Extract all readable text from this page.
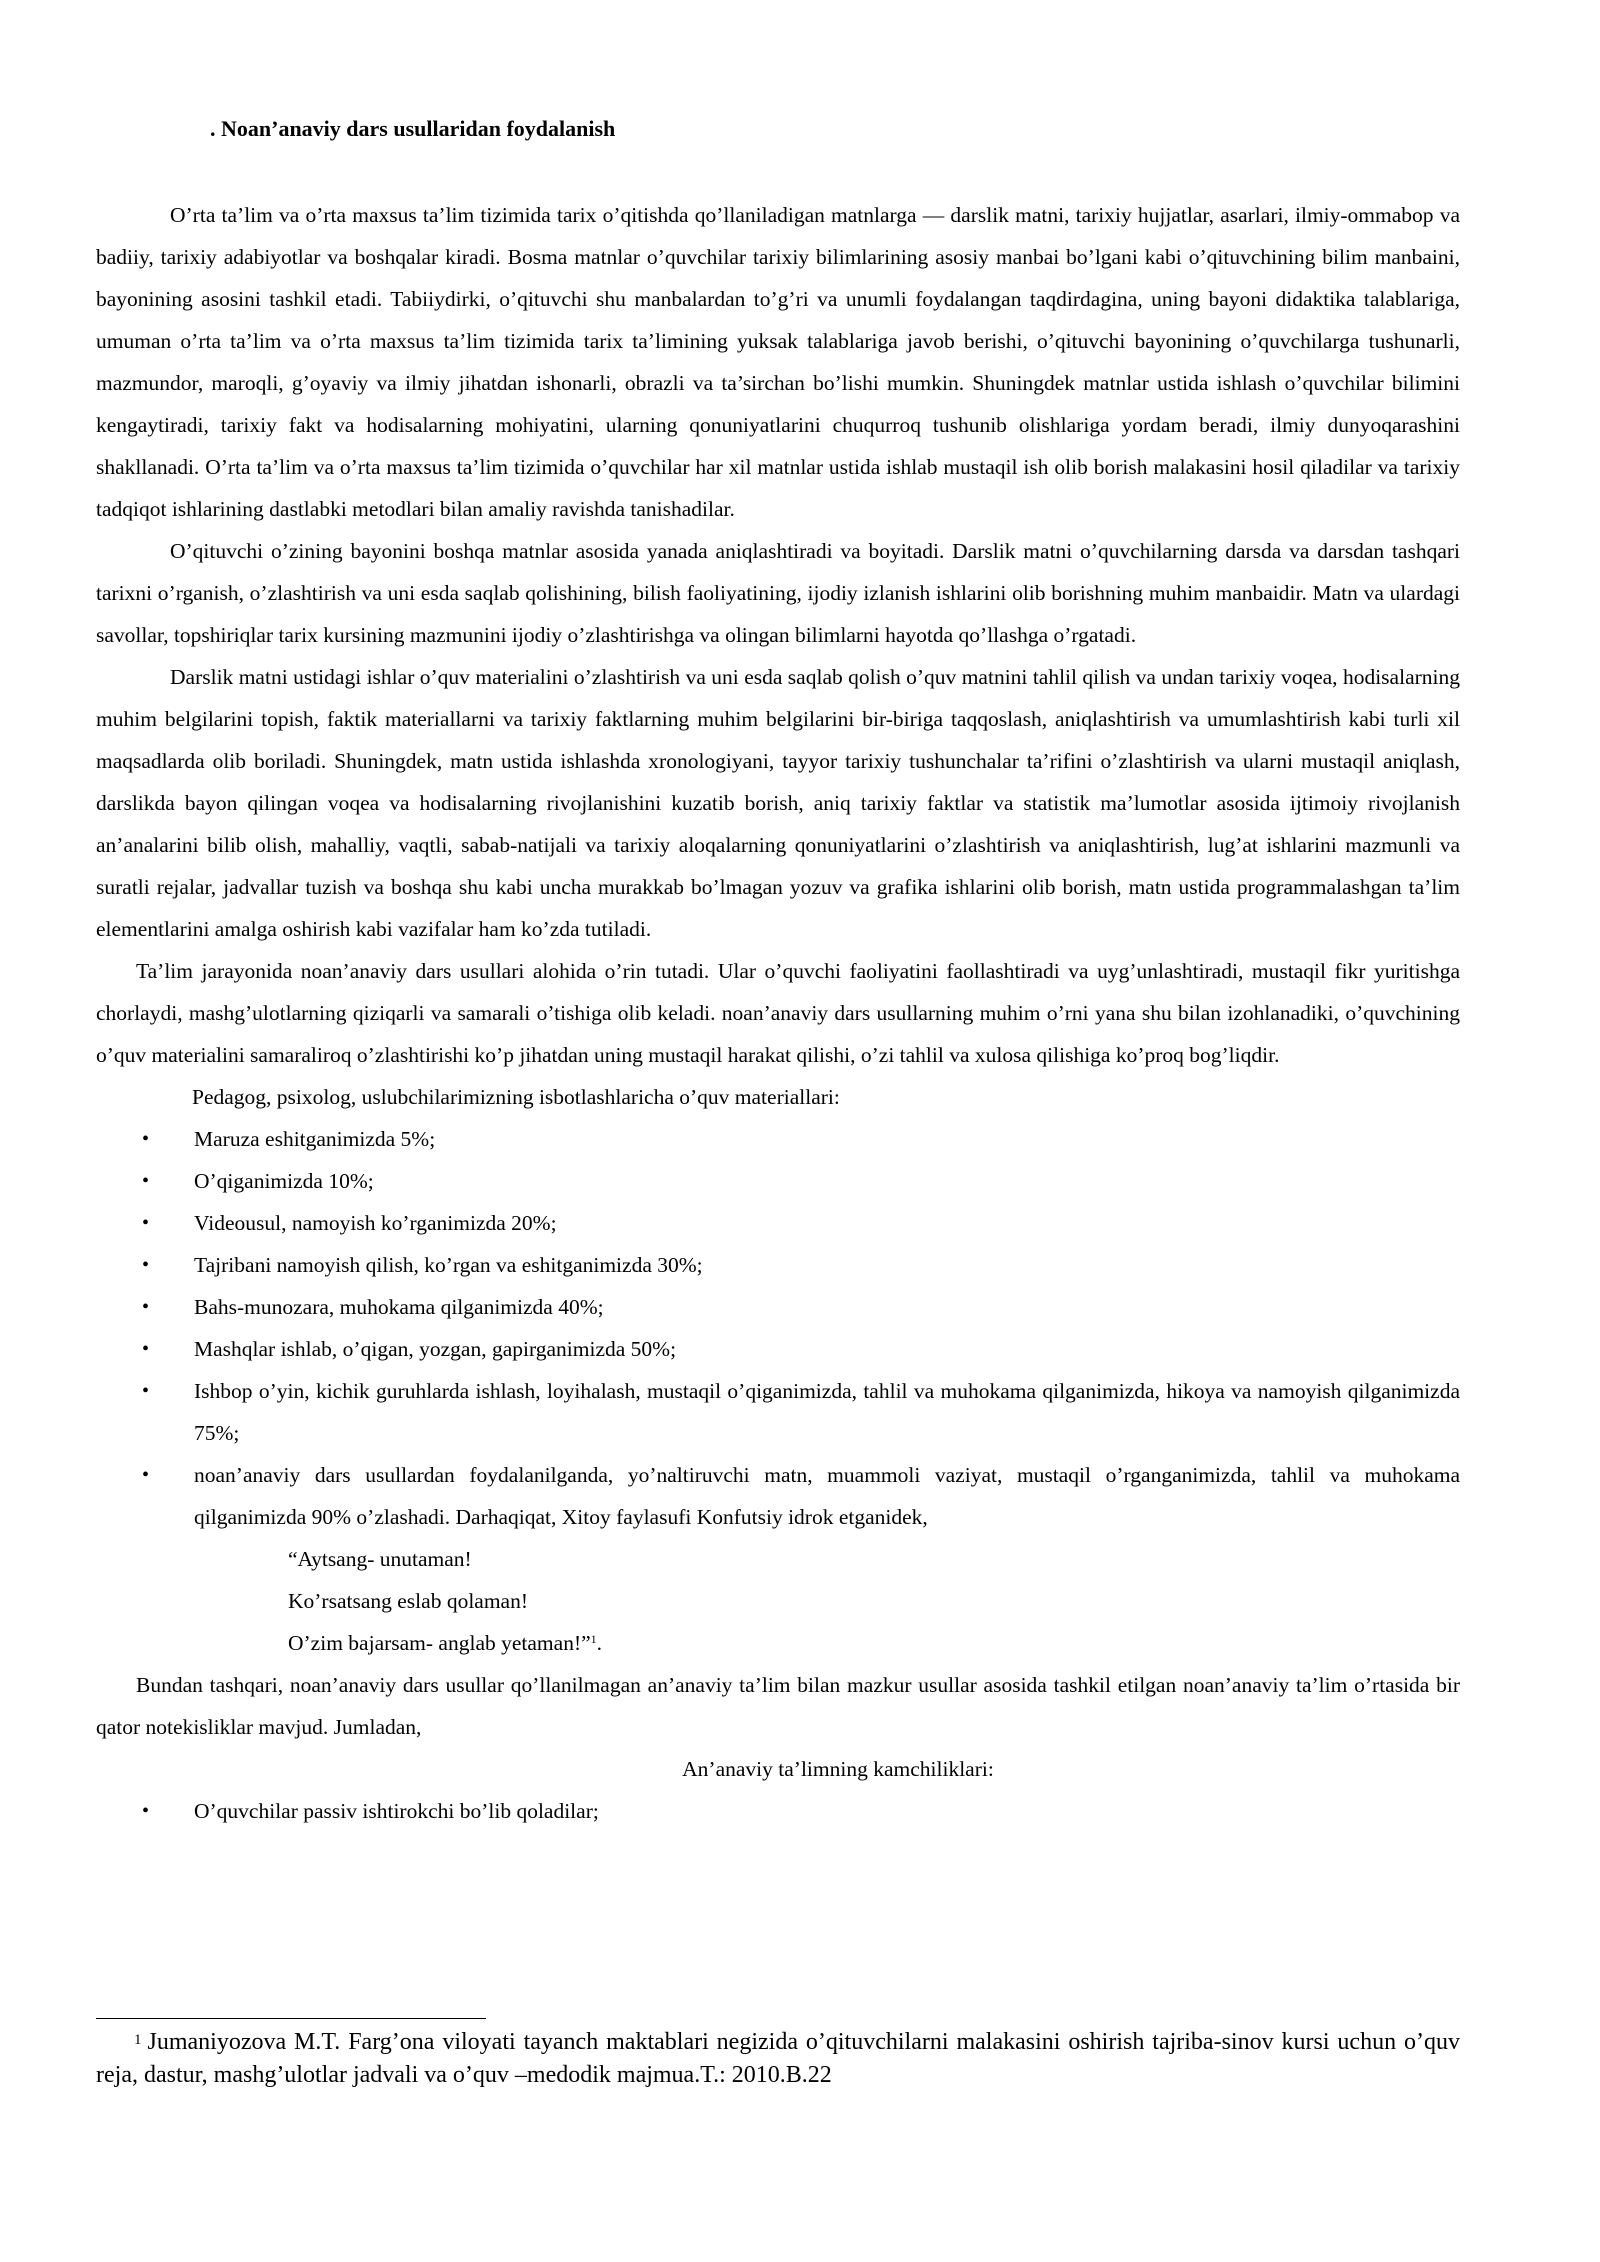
. Noan’anaviy dars usullaridan foydalanish

O’rta ta’lim va o’rta maxsus ta’lim tizimida tarix o’qitishda qo’llaniladigan matnlarga — darslik matni, tarixiy hujjatlar, asarlari, ilmiy-ommabop va badiiy, tarixiy adabiyotlar va boshqalar kiradi. Bosma matnlar o’quvchilar tarixiy bilimlarining asosiy manbai bo’lgani kabi o’qituvchining bilim manbaini, bayonining asosini tashkil etadi. Tabiiydirki, o’qituvchi shu manbalardan to’g’ri va unumli foydalangan taqdirdagina, uning bayoni didaktika talablariga, umuman o’rta ta’lim va o’rta maxsus ta’lim tizimida tarix ta’limining yuksak talablariga javob berishi, o’qituvchi bayonining o’quvchilarga tushunarli, mazmundor, maroqli, g’oyaviy va ilmiy jihatdan ishonarli, obrazli va ta’sirchan bo’lishi mumkin. Shuningdek matnlar ustida ishlash o’quvchilar bilimini kengaytiradi, tarixiy fakt va hodisalarning mohiyatini, ularning qonuniyatlarini chuqurroq tushunib olishlariga yordam beradi, ilmiy dunyoqarashini shakllanadi. O’rta ta’lim va o’rta maxsus ta’lim tizimida o’quvchilar har xil matnlar ustida ishlab mustaqil ish olib borish malakasini hosil qiladilar va tarixiy tadqiqot ishlarining dastlabki metodlari bilan amaliy ravishda tanishadilar.

O’qituvchi o’zining bayonini boshqa matnlar asosida yanada aniqlashtiradi va boyitadi. Darslik matni o’quvchilarning darsda va darsdan tashqari tarixni o’rganish, o’zlashtirish va uni esda saqlab qolishining, bilish faoliyatining, ijodiy izlanish ishlarini olib borishning muhim manbaidir. Matn va ulardagi savollar, topshiriqlar tarix kursining mazmunini ijodiy o’zlashtirishga va olingan bilimlarni hayotda qo’llashga o’rgatadi.

Darslik matni ustidagi ishlar o’quv materialini o’zlashtirish va uni esda saqlab qolish o’quv matnini tahlil qilish va undan tarixiy voqea, hodisalarning muhim belgilarini topish, faktik materiallarni va tarixiy faktlarning muhim belgilarini bir-biriga taqqoslash, aniqlashtirish va umumlashtirish kabi turli xil maqsadlarda olib boriladi. Shuningdek, matn ustida ishlashda xronologiyani, tayyor tarixiy tushunchalar ta’rifini o’zlashtirish va ularni mustaqil aniqlash, darslikda bayon qilingan voqea va hodisalarning rivojlanishini kuzatib borish, aniq tarixiy faktlar va statistik ma’lumotlar asosida ijtimoiy rivojlanish an’analarini bilib olish, mahalliy, vaqtli, sabab-natijali va tarixiy aloqalarning qonuniyatlarini o’zlashtirish va aniqlashtirish, lug’at ishlarini mazmunli va suratli rejalar, jadvallar tuzish va boshqa shu kabi uncha murakkab bo’lmagan yozuv va grafika ishlarini olib borish, matn ustida programmalashgan ta’lim elementlarini amalga oshirish kabi vazifalar ham ko’zda tutiladi.

Ta’lim jarayonida noan’anaviy dars usullari alohida o’rin tutadi. Ular o’quvchi faoliyatini faollashtiradi va uyg’unlashtiradi, mustaqil fikr yuritishga chorlaydi, mashg’ulotlarning qiziqarli va samarali o’tishiga olib keladi. noan’anaviy dars usullarning muhim o’rni yana shu bilan izohlanadiki, o’quvchining o’quv materialini samaraliroq o’zlashtirishi ko’p jihatdan uning mustaqil harakat qilishi, o’zi tahlil va xulosa qilishiga ko’proq bog’liqdir.

Pedagog, psixolog, uslubchilarimizning isbotlashlaricha o’quv materiallari:

• Maruza eshitganimizda 5%;
• O’qiganimizda 10%;
• Videousul, namoyish ko’rganimizda 20%;
• Tajribani namoyish qilish, ko’rgan va eshitganimizda 30%;
• Bahs-munozara, muhokama qilganimizda 40%;
• Mashqlar ishlab, o’qigan, yozgan, gapirganimizda 50%;
• Ishbop o’yin, kichik guruhlarda ishlash, loyihalash, mustaqil o’qiganimizda, tahlil va muhokama qilganimizda, hikoya va namoyish qilganimizda 75%;
• noan’anaviy dars usullardan foydalanilganda, yo’naltiruvchi matn, muammoli vaziyat, mustaqil o’rganganimizda, tahlil va muhokama qilganimizda 90% o’zlashadi. Darhaqiqat, Xitoy faylasufi Konfutsiy idrok etganidek,

“Aytsang- unutaman!

Ko’rsatsang eslab qolaman!

O’zim bajarsam- anglab yetaman!”$^1$.

Bundan tashqari, noan’anaviy dars usullar qo’llanilmagan an’anaviy ta’lim bilan mazkur usullar asosida tashkil etilgan noan’anaviy ta’lim o’rtasida bir qator notekisliklar mavjud. Jumladan,

An’anaviy ta’limning kamchiliklari:

• O’quvchilar passiv ishtirokchi bo’lib qoladilar;
$^1$ Jumaniyozova M.T. Farg’ona viloyati tayanch maktablari negizida o’qituvchilarni malakasini oshirish tajriba-sinov kursi uchun o’quv reja, dastur, mashg’ulotlar jadvali va o’quv –medodik majmua.T.: 2010.B.22
